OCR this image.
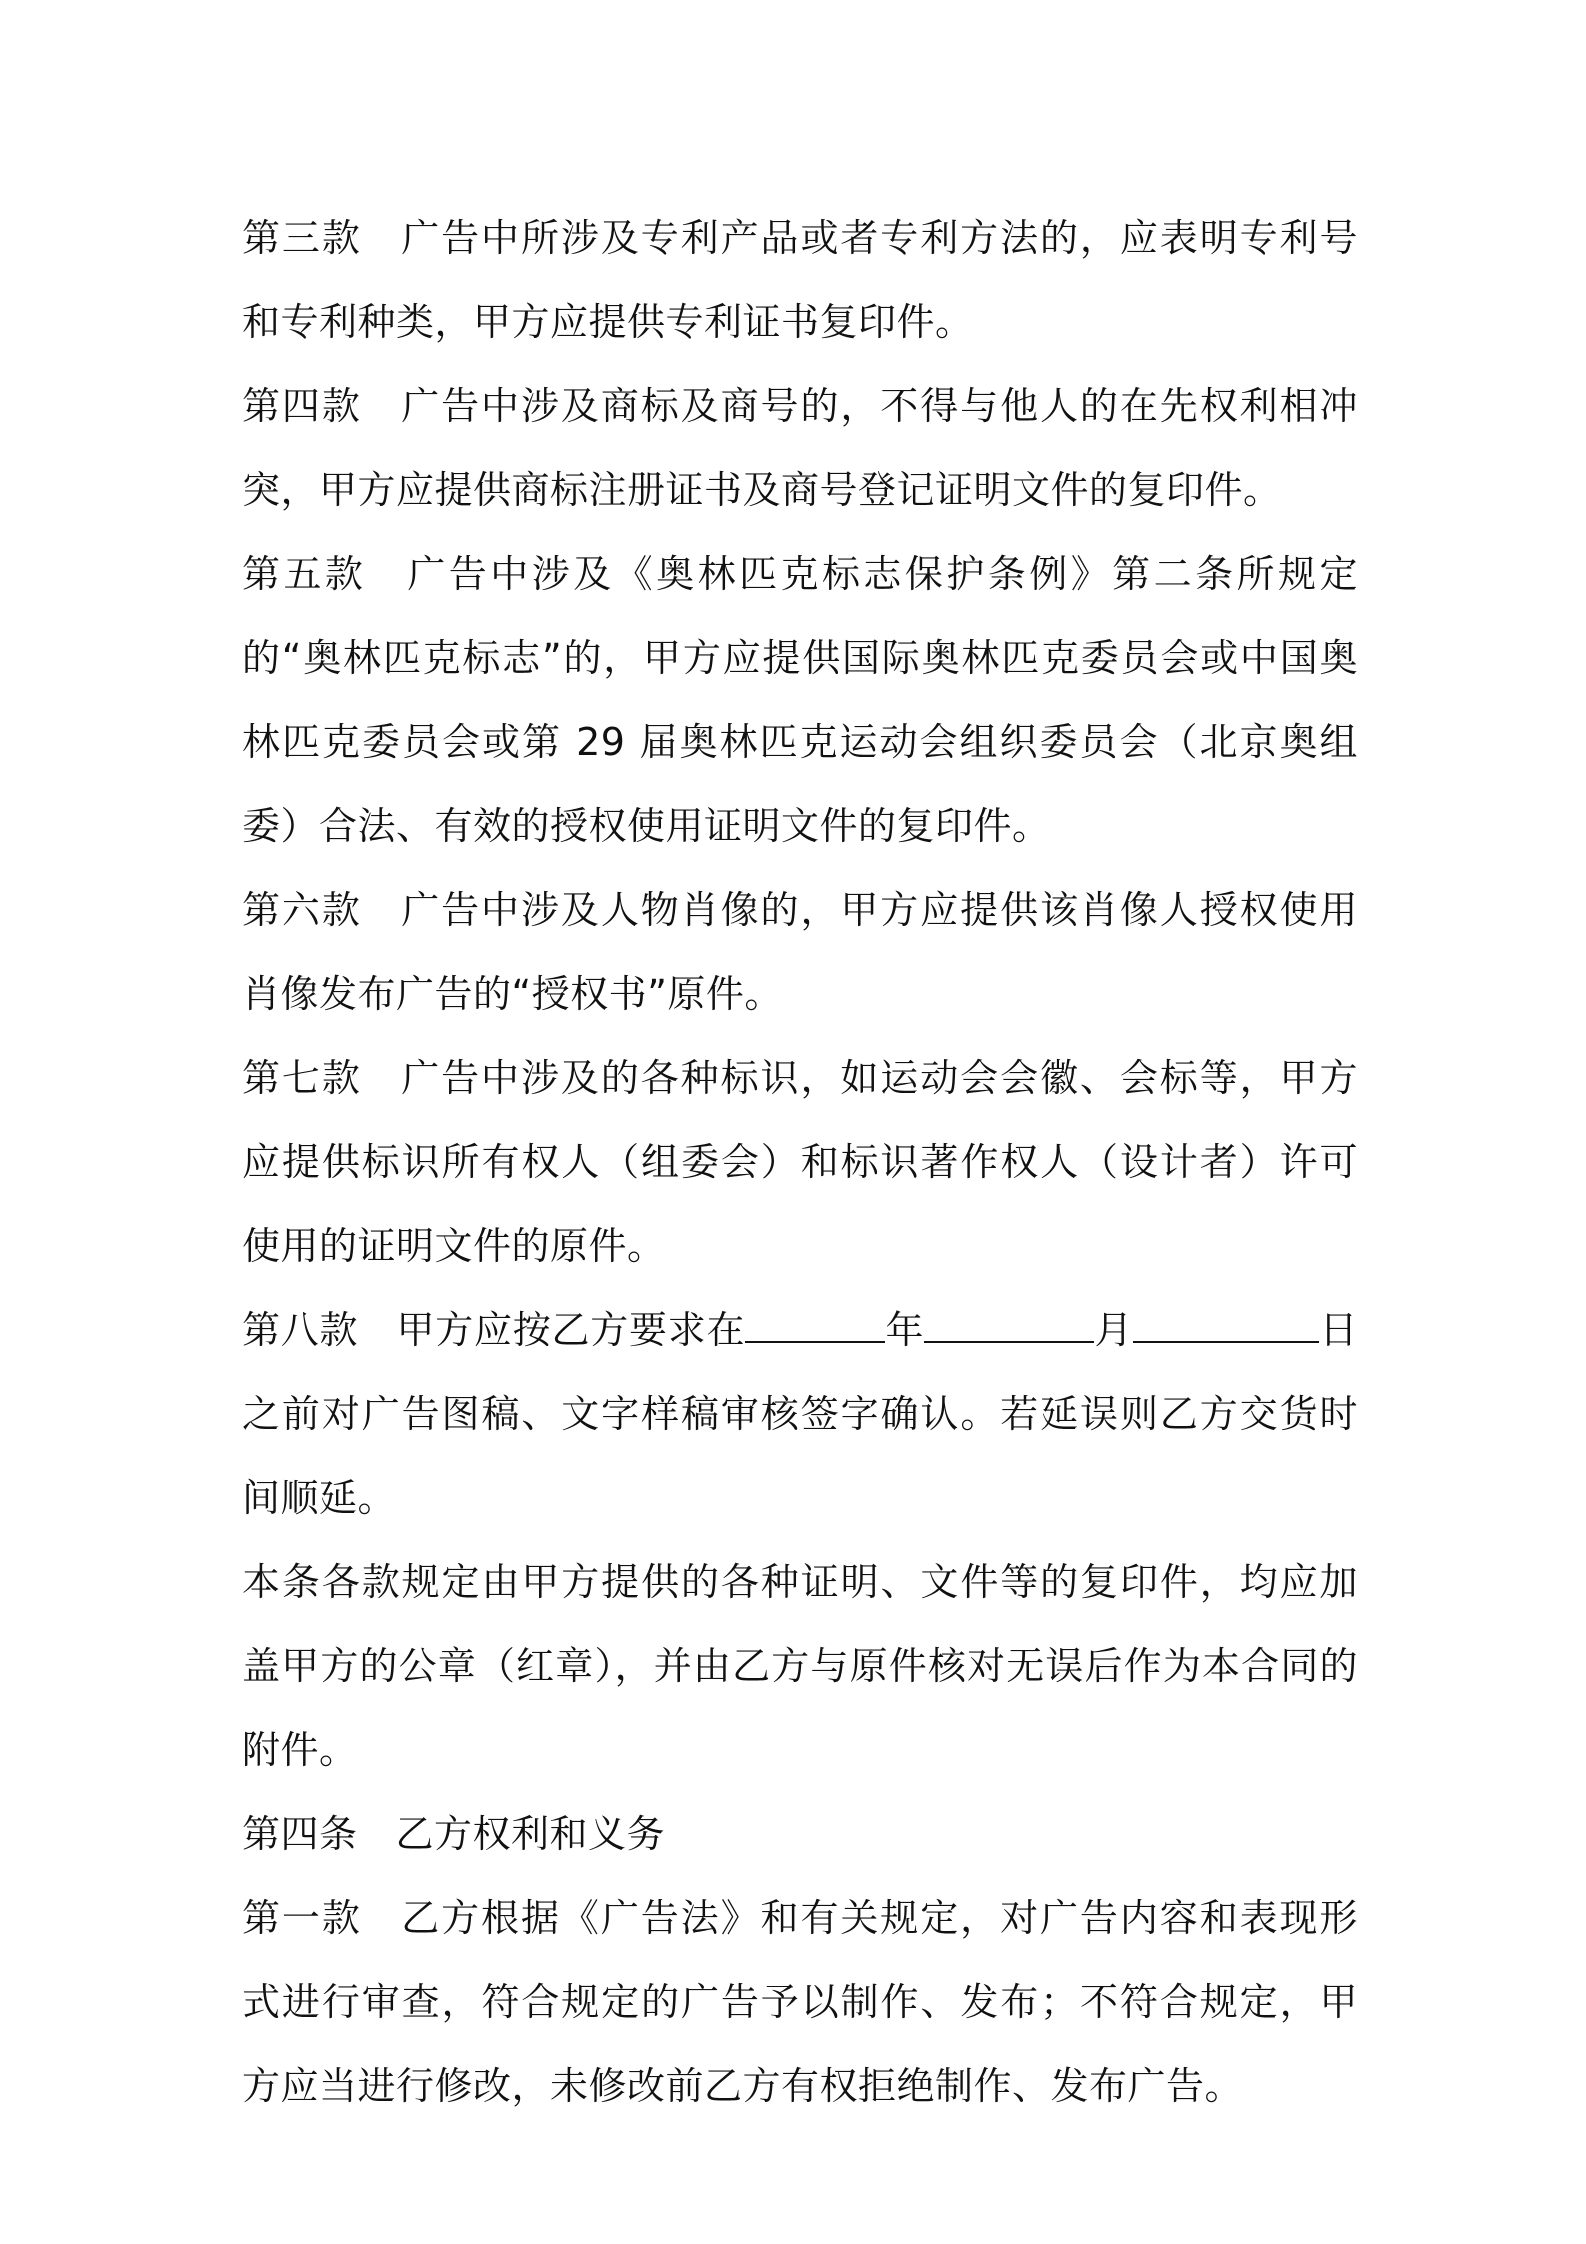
第三款 广告中所涉及专利产品或者专利方法的，应表明专利号和专利种类，甲方应提供专利证书复印件。

第四款 广告中涉及商标及商号的，不得与他人的在先权利相冲突，甲方应提供商标注册证书及商号登记证明文件的复印件。

第五款 广告中涉及《奥林匹克标志保护条例》第二条所规定的“奥林匹克标志”的，甲方应提供国际奥林匹克委员会或中国奥林匹克委员会或第 29 届奥林匹克运动会组织委员会（北京奥组委）合法、有效的授权使用证明文件的复印件。

第六款 广告中涉及人物肖像的，甲方应提供该肖像人授权使用肖像发布广告的“授权书”原件。

第七款 广告中涉及的各种标识，如运动会会徽、会标等，甲方应提供标识所有权人（组委会）和标识著作权人（设计者）许可使用的证明文件的原件。

第八款 甲方应按乙方要求在	年	月	日之前对广告图稿、文字样稿审核签字确认。若延误则乙方交货时间顺延。

本条各款规定由甲方提供的各种证明、文件等的复印件，均应加盖甲方的公章（红章），并由乙方与原件核对无误后作为本合同的附件。

第四条 乙方权利和义务

第一款 乙方根据《广告法》和有关规定，对广告内容和表现形式进行审查，符合规定的广告予以制作、发布；不符合规定，甲方应当进行修改，未修改前乙方有权拒绝制作、发布广告。
